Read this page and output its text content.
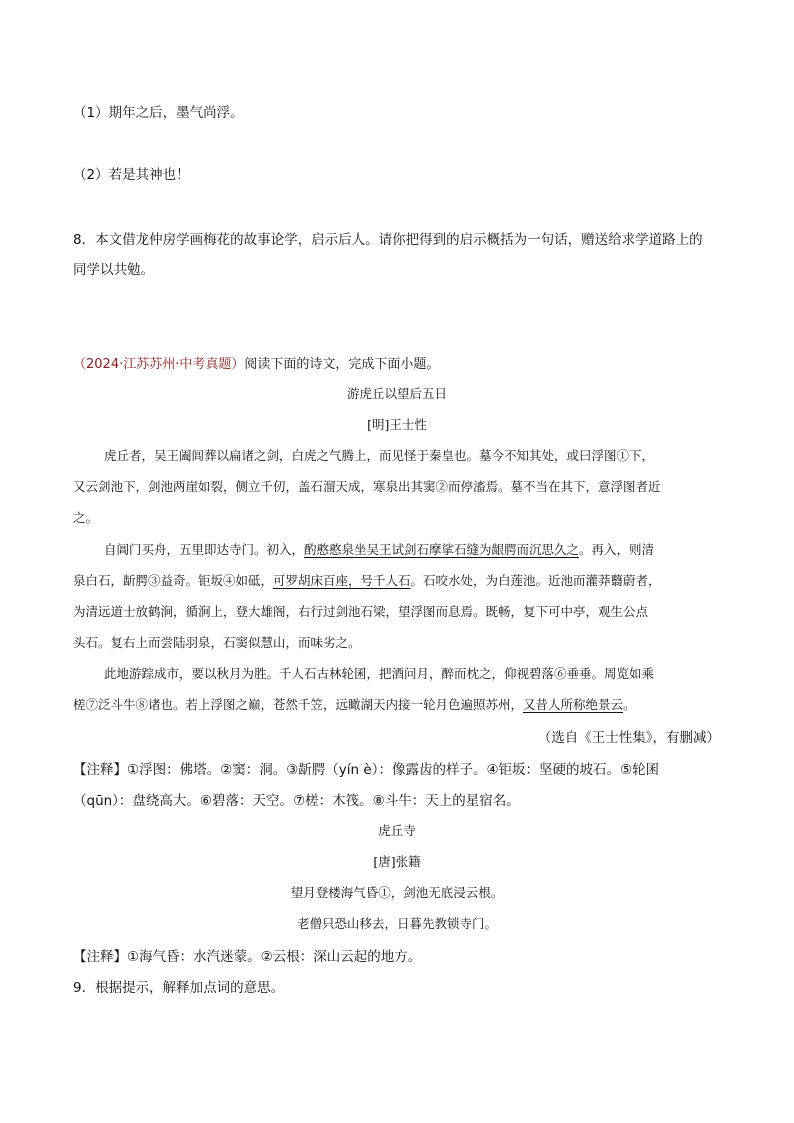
（1）期年之后，墨气尚浮。
（2）若是其神也！
8．本文借龙仲房学画梅花的故事论学，启示后人。请你把得到的启示概括为一句话，赠送给求学道路上的
同学以共勉。
（2024·江苏苏州·中考真题）阅读下面的诗文，完成下面小题。
游虎丘以望后五日
[明]王士性
虎丘者，吴王阖闾葬以扁诸之剑，白虎之气腾上，而见怪于秦皇也。墓今不知其处，或曰浮图①下，
又云剑池下，剑池两崖如裂，侧立千仞，盖石溜天成，寒泉出其窦②而停滀焉。墓不当在其下，意浮图者近
之。
自阊门买舟，五里即达寺门。初入，酌憨憨泉坐吴王试剑石摩挲石缝为龈腭而沉思久之。再入，则清
泉白石，龂腭③益奇。钜坂④如砥，可罗胡床百座，号千人石。石咬水处，为白莲池。近池而灌莽蘙蔚者，
为清远道士放鹤涧，循涧上，登大雄阁，右行过剑池石梁，望浮图而息焉。既畅，复下可中亭，观生公点
头石。复右上而尝陆羽泉，石窦似慧山，而味劣之。
此地游踪成市，要以秋月为胜。千人石古林轮囷，把酒问月，醉而枕之，仰视碧落⑥垂垂。周览如乘
槎⑦泛斗牛⑧诸也。若上浮图之巅，苍然千笠，远瞰湖天内接一轮月色遍照苏州，又昔人所称绝景云。
（选自《王士性集》，有删减）
【注释】①浮图：佛塔。②窦：洞。③龂腭（yín è）：像露齿的样子。④钜坂：坚硬的坡石。⑤轮囷
（qūn）：盘绕高大。⑥碧落：天空。⑦槎：木筏。⑧斗牛：天上的星宿名。
虎丘寺
[唐]张籍
望月登楼海气昏①，剑池无底浸云根。
老僧只恐山移去，日暮先教锁寺门。
【注释】①海气昏：水汽迷蒙。②云根：深山云起的地方。
9．根据提示，解释加点词的意思。
